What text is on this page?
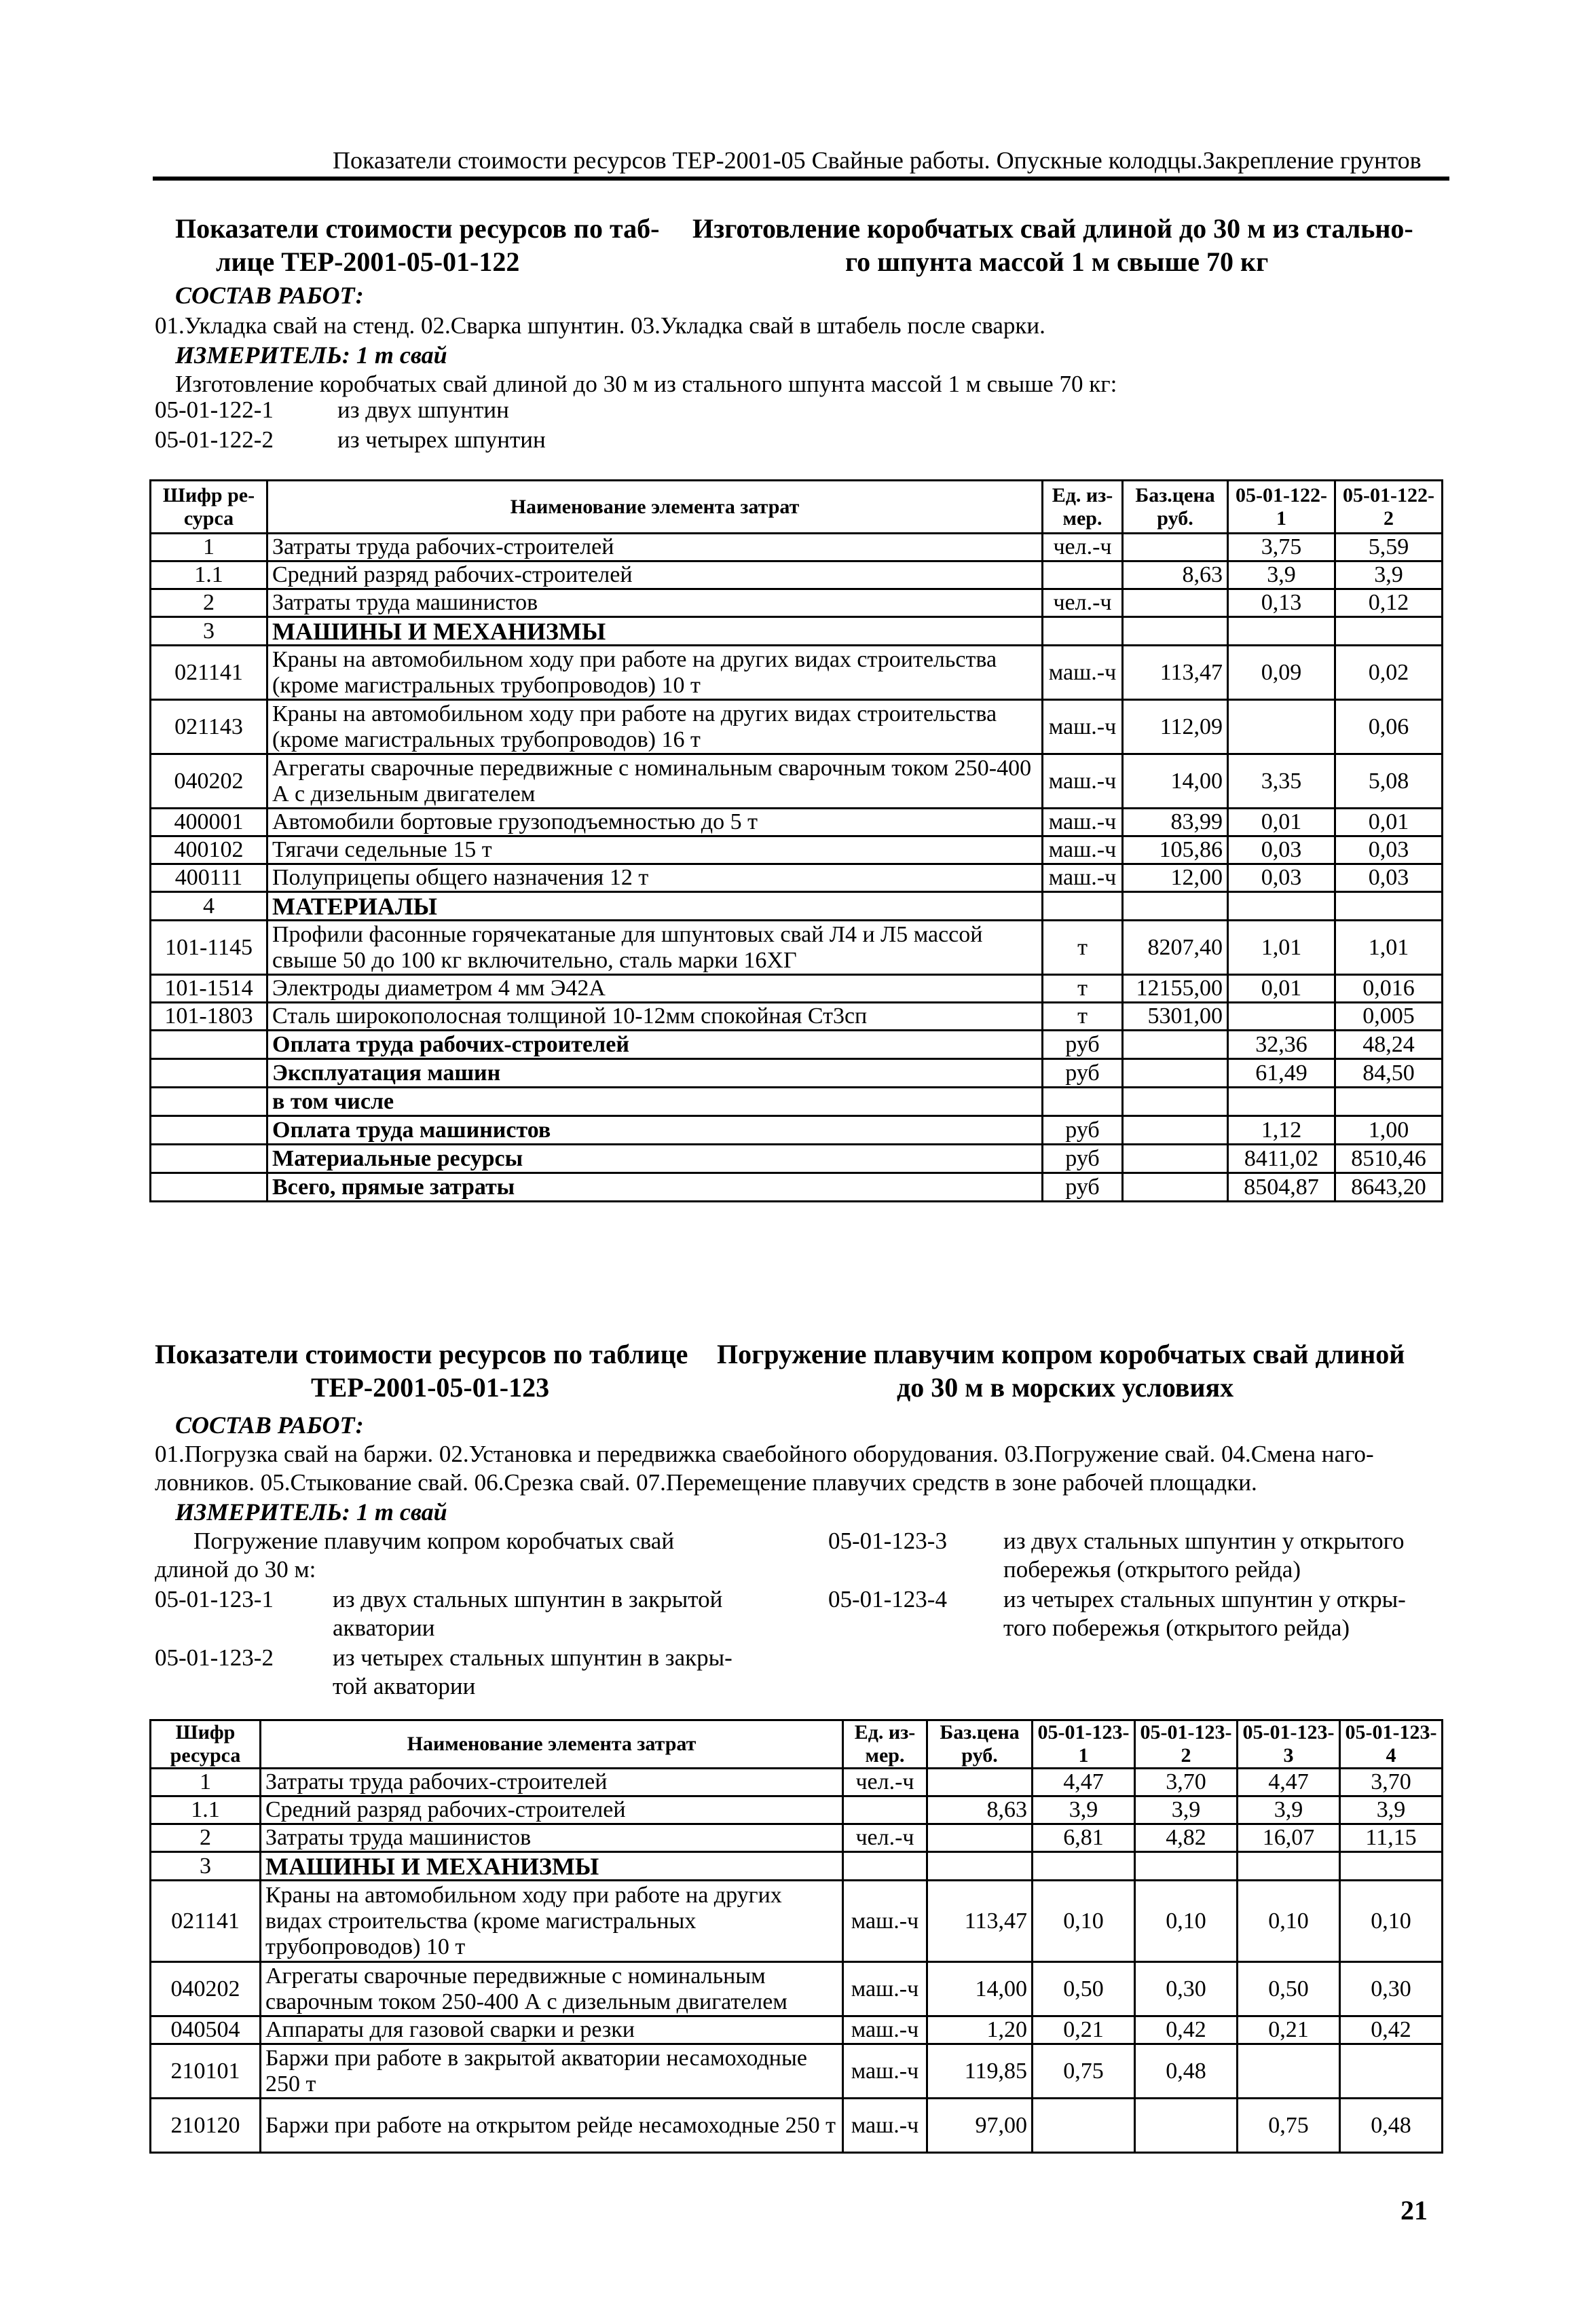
Показатели стоимости ресурсов ТЕР-2001-05 Свайные работы. Опускные колодцы.Закрепление грунтов
Показатели стоимости ресурсов по таб-
лице ТЕР-2001-05-01-122
Изготовление коробчатых свай длиной до 30 м из стально-
го шпунта массой 1 м свыше 70 кг
СОСТАВ РАБОТ:
01.Укладка свай на стенд. 02.Сварка шпунтин. 03.Укладка свай в штабель после сварки.
ИЗМЕРИТЕЛЬ: 1 т свай
Изготовление коробчатых свай длиной до 30 м из стального шпунта массой 1 м свыше 70 кг:
05-01-122-1	из двух шпунтин
05-01-122-2	из четырех шпунтин
Шифр ре-сурса	Наименование элемента затрат	Ед. из-мер.	Баз.цена руб.	05-01-122-1	05-01-122-2
1	Затраты труда рабочих-строителей	чел.-ч		3,75	5,59
1.1	Средний разряд рабочих-строителей		8,63	3,9	3,9
2	Затраты труда машинистов	чел.-ч		0,13	0,12
3	МАШИНЫ И МЕХАНИЗМЫ				
021141	Краны на автомобильном ходу при работе на других видах строительства (кроме магистральных трубопроводов) 10 т	маш.-ч	113,47	0,09	0,02
021143	Краны на автомобильном ходу при работе на других видах строительства (кроме магистральных трубопроводов) 16 т	маш.-ч	112,09		0,06
040202	Агрегаты сварочные передвижные с номинальным сварочным током 250-400 А с дизельным двигателем	маш.-ч	14,00	3,35	5,08
400001	Автомобили бортовые грузоподъемностью до 5 т	маш.-ч	83,99	0,01	0,01
400102	Тягачи седельные 15 т	маш.-ч	105,86	0,03	0,03
400111	Полуприцепы общего назначения 12 т	маш.-ч	12,00	0,03	0,03
4	МАТЕРИАЛЫ				
101-1145	Профили фасонные горячекатаные для шпунтовых свай Л4 и Л5 массой свыше 50 до 100 кг включительно, сталь марки 16ХГ	т	8207,40	1,01	1,01
101-1514	Электроды диаметром 4 мм Э42А	т	12155,00	0,01	0,016
101-1803	Сталь широкополосная толщиной 10-12мм спокойная Ст3сп	т	5301,00		0,005
	Оплата труда рабочих-строителей	руб		32,36	48,24
	Эксплуатация машин	руб		61,49	84,50
	в том числе				
	Оплата труда машинистов	руб		1,12	1,00
	Материальные ресурсы	руб		8411,02	8510,46
	Всего, прямые затраты	руб		8504,87	8643,20
Показатели стоимости ресурсов по таблице
ТЕР-2001-05-01-123
Погружение плавучим копром коробчатых свай длиной
до 30 м в морских условиях
СОСТАВ РАБОТ:
01.Погрузка свай на баржи. 02.Установка и передвижка сваебойного оборудования. 03.Погружение свай. 04.Смена наго-
ловников. 05.Стыкование свай. 06.Срезка свай. 07.Перемещение плавучих средств в зоне рабочей площадки.
ИЗМЕРИТЕЛЬ: 1 т свай
Погружение плавучим копром коробчатых свай
длиной до 30 м:
05-01-123-1 из двух стальных шпунтин в закрытой
акватории
05-01-123-2 из четырех стальных шпунтин в закры-
той акватории
05-01-123-3 из двух стальных шпунтин у открытого
побережья (открытого рейда)
05-01-123-4 из четырех стальных шпунтин у откры-
того побережья (открытого рейда)
Шифр ресурса	Наименование элемента затрат	Ед. из-мер.	Баз.цена руб.	05-01-123-1	05-01-123-2	05-01-123-3	05-01-123-4
1	Затраты труда рабочих-строителей	чел.-ч		4,47	3,70	4,47	3,70
1.1	Средний разряд рабочих-строителей		8,63	3,9	3,9	3,9	3,9
2	Затраты труда машинистов	чел.-ч		6,81	4,82	16,07	11,15
3	МАШИНЫ И МЕХАНИЗМЫ						
021141	Краны на автомобильном ходу при работе на других видах строительства (кроме магистральных трубопроводов) 10 т	маш.-ч	113,47	0,10	0,10	0,10	0,10
040202	Агрегаты сварочные передвижные с номинальным сварочным током 250-400 А с дизельным двигателем	маш.-ч	14,00	0,50	0,30	0,50	0,30
040504	Аппараты для газовой сварки и резки	маш.-ч	1,20	0,21	0,42	0,21	0,42
210101	Баржи при работе в закрытой акватории несамоходные 250 т	маш.-ч	119,85	0,75	0,48		
210120	Баржи при работе на открытом рейде несамоходные 250 т	маш.-ч	97,00			0,75	0,48
21
